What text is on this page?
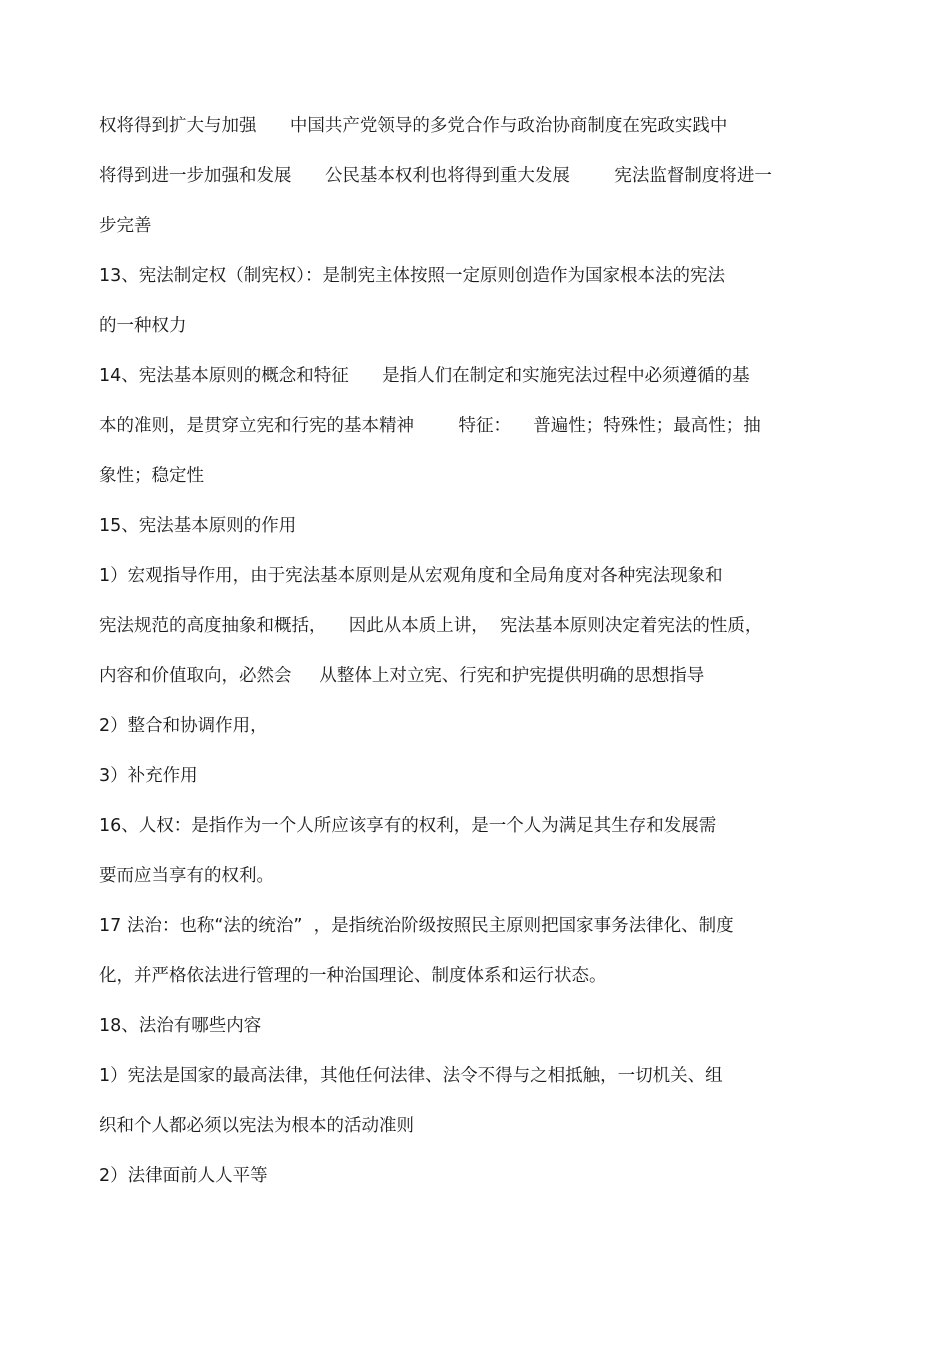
权将得到扩大与加强      中国共产党领导的多党合作与政治协商制度在宪政实践中
将得到进一步加强和发展      公民基本权利也将得到重大发展        宪法监督制度将进一
步完善
13、宪法制定权（制宪权）：是制宪主体按照一定原则创造作为国家根本法的宪法
的一种权力
14、宪法基本原则的概念和特征      是指人们在制定和实施宪法过程中必须遵循的基
本的准则，是贯穿立宪和行宪的基本精神        特征：    普遍性；特殊性；最高性；抽
象性；稳定性
15、宪法基本原则的作用
1）宏观指导作用，由于宪法基本原则是从宏观角度和全局角度对各种宪法现象和
宪法规范的高度抽象和概括，    因此从本质上讲，  宪法基本原则决定着宪法的性质，
内容和价值取向，必然会     从整体上对立宪、行宪和护宪提供明确的思想指导
2）整合和协调作用，
3）补充作用
16、人权：是指作为一个人所应该享有的权利，是一个人为满足其生存和发展需
要而应当享有的权利。
17 法治：也称“法的统治”  ，是指统治阶级按照民主原则把国家事务法律化、制度
化，并严格依法进行管理的一种治国理论、制度体系和运行状态。
18、法治有哪些内容
1）宪法是国家的最高法律，其他任何法律、法令不得与之相抵触，一切机关、组
织和个人都必须以宪法为根本的活动准则
2）法律面前人人平等
